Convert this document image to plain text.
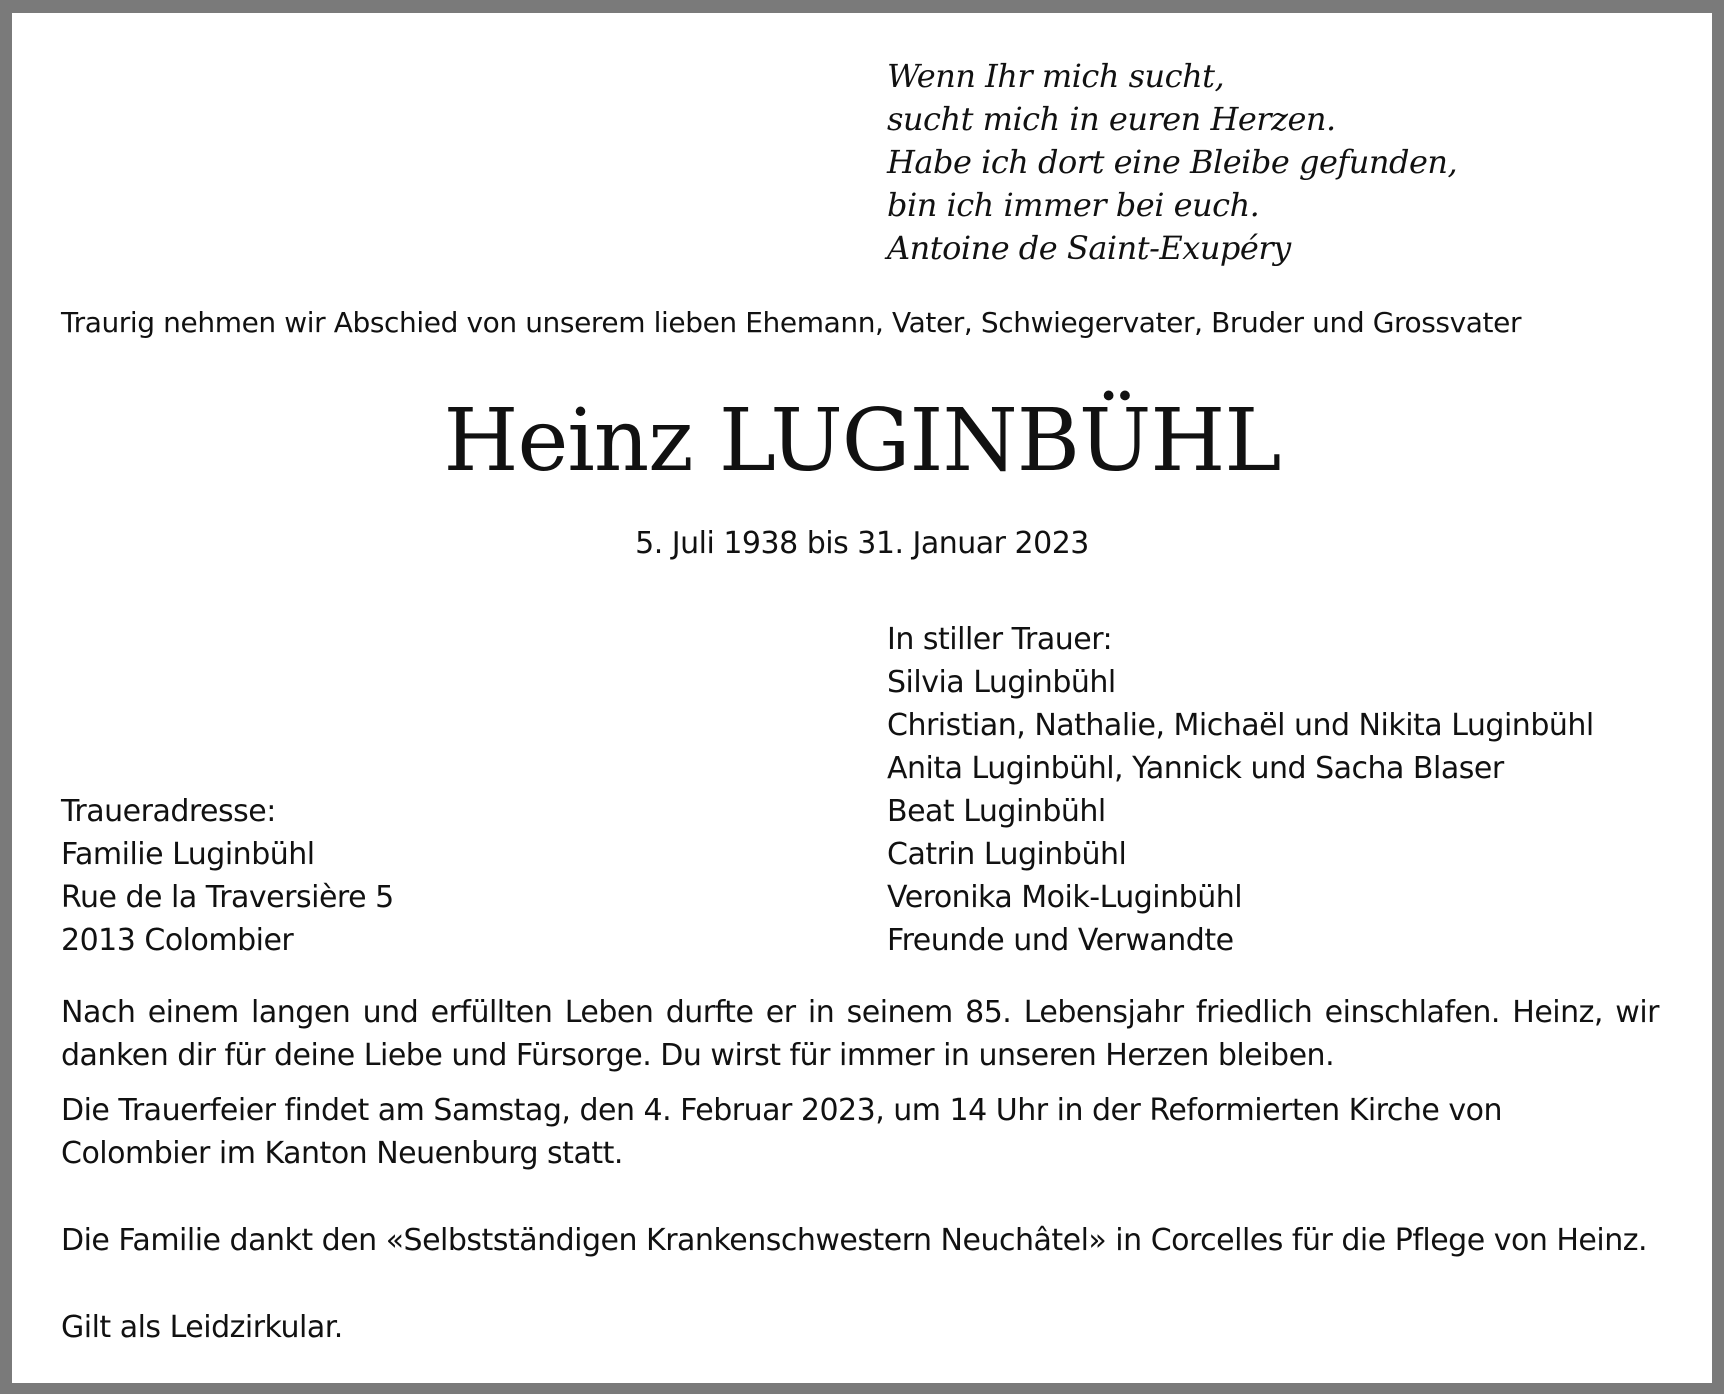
Wenn Ihr mich sucht,
sucht mich in euren Herzen.
Habe ich dort eine Bleibe gefunden,
bin ich immer bei euch.
Antoine de Saint-Exupéry
Traurig nehmen wir Abschied von unserem lieben Ehemann, Vater, Schwiegervater, Bruder und Grossvater
Heinz LUGINBÜHL
5. Juli 1938 bis 31. Januar 2023
In stiller Trauer:
Silvia Luginbühl
Christian, Nathalie, Michaël und Nikita Luginbühl
Anita Luginbühl, Yannick und Sacha Blaser
Beat Luginbühl
Catrin Luginbühl
Veronika Moik-Luginbühl
Freunde und Verwandte
Traueradresse:
Familie Luginbühl
Rue de la Traversière 5
2013 Colombier
Nach einem langen und erfüllten Leben durfte er in seinem 85. Lebensjahr friedlich einschlafen. Heinz, wir danken dir für deine Liebe und Fürsorge. Du wirst für immer in unseren Herzen bleiben.
Die Trauerfeier findet am Samstag, den 4. Februar 2023, um 14 Uhr in der Reformierten Kirche von Colombier im Kanton Neuenburg statt.
Die Familie dankt den «Selbstständigen Krankenschwestern Neuchâtel» in Corcelles für die Pflege von Heinz.
Gilt als Leidzirkular.
